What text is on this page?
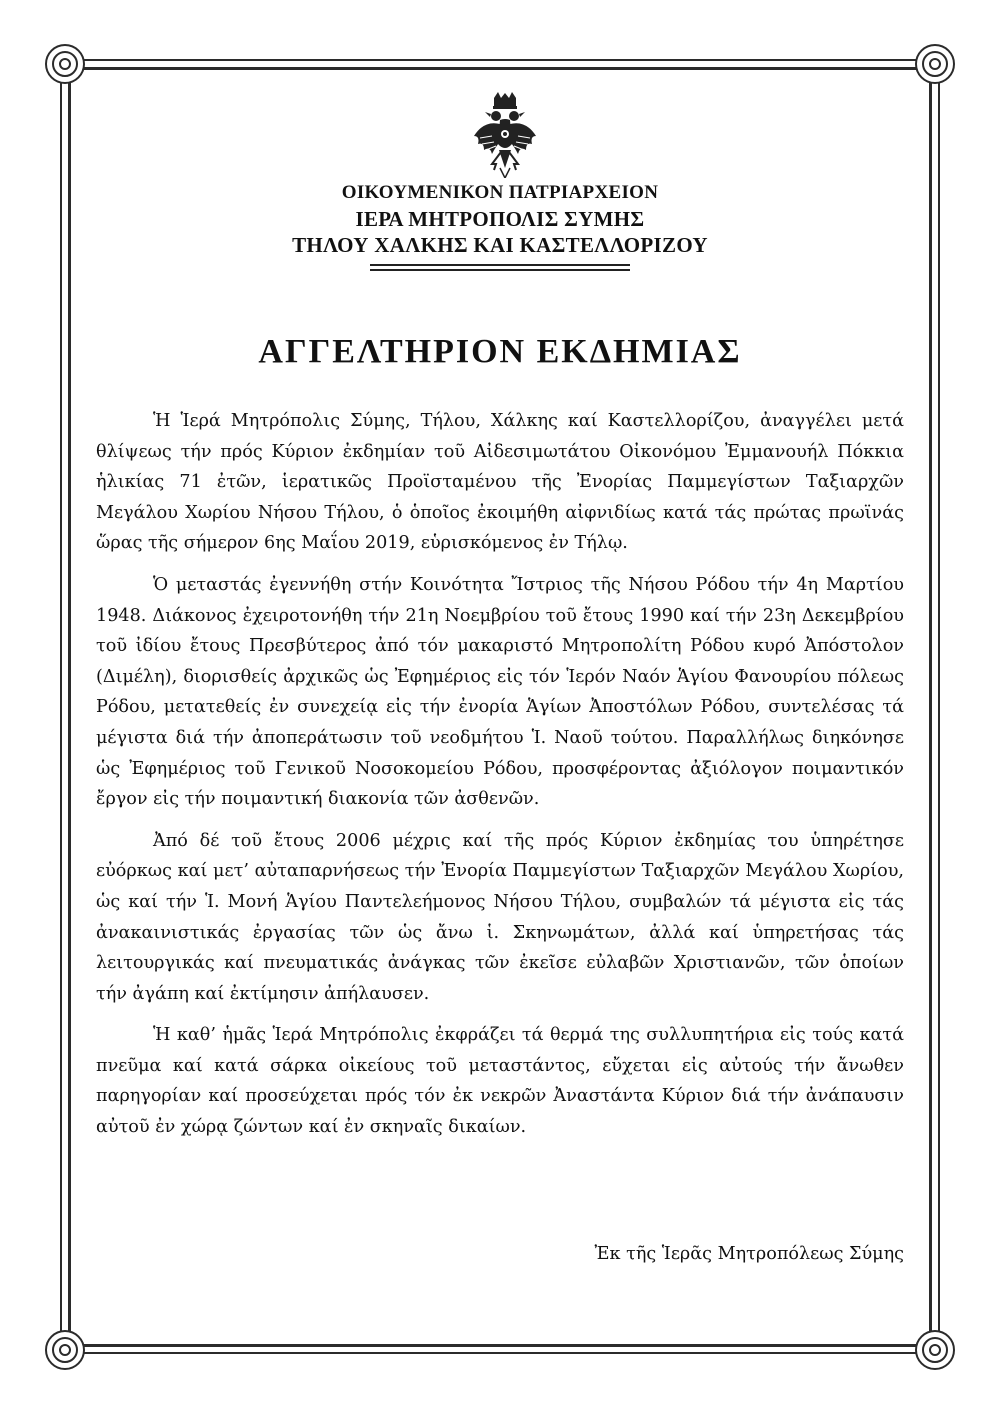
ΟΙΚΟΥΜΕΝΙΚΟΝ ΠΑΤΡΙΑΡΧΕΙΟΝ
ΙΕΡΑ ΜΗΤΡΟΠΟΛΙΣ ΣΥΜΗΣ
ΤΗΛΟΥ ΧΑΛΚΗΣ ΚΑΙ ΚΑΣΤΕΛΛΟΡΙΖΟΥ
ΑΓΓΕΛΤΗΡΙΟΝ ΕΚΔΗΜΙΑΣ

Ἡ Ἱερά Μητρόπολις Σύμης, Τήλου, Χάλκης καί Καστελλορίζου, ἀναγγέλει μετά θλίψεως τήν πρός Κύριον ἐκδημίαν τοῦ Αἰδεσιμωτάτου Οἰκονόμου Ἐμμανουήλ Πόκκια ἡλικίας 71 ἐτῶν, ἱερατικῶς Προϊσταμένου τῆς Ἐνορίας Παμμεγίστων Ταξιαρχῶν Μεγάλου Χωρίου Νήσου Τήλου, ὁ ὁποῖος ἐκοιμήθη αἰφνιδίως κατά τάς πρώτας πρωϊνάς ὥρας τῆς σήμερον 6ης Μαΐου 2019, εὑρισκόμενος ἐν Τήλῳ.

Ὁ μεταστάς ἐγεννήθη στήν Κοινότητα Ἴστριος τῆς Νήσου Ρόδου τήν 4η Μαρτίου 1948. Διάκονος ἐχειροτονήθη τήν 21η Νοεμβρίου τοῦ ἔτους 1990 καί τήν 23η Δεκεμβρίου τοῦ ἰδίου ἔτους Πρεσβύτερος ἀπό τόν μακαριστό Μητροπολίτη Ρόδου κυρό Ἀπόστολον (Διμέλη), διορισθείς ἀρχικῶς ὡς Ἐφημέριος εἰς τόν Ἱερόν Ναόν Ἁγίου Φανουρίου πόλεως Ρόδου, μετατεθείς ἐν συνεχείᾳ εἰς τήν ἐνορία Ἁγίων Ἀποστόλων Ρόδου, συντελέσας τά μέγιστα διά τήν ἀποπεράτωσιν τοῦ νεοδμήτου Ἱ. Ναοῦ τούτου. Παραλλήλως διηκόνησε ὡς Ἐφημέριος τοῦ Γενικοῦ Νοσοκομείου Ρόδου, προσφέροντας ἀξιόλογον ποιμαντικόν ἔργον εἰς τήν ποιμαντική διακονία τῶν ἀσθενῶν.

Ἀπό δέ τοῦ ἔτους 2006 μέχρις καί τῆς πρός Κύριον ἐκδημίας του ὑπηρέτησε εὐόρκως καί μετ’ αὐταπαρνήσεως τήν Ἐνορία Παμμεγίστων Ταξιαρχῶν Μεγάλου Χωρίου, ὡς καί τήν Ἱ. Μονή Ἁγίου Παντελεήμονος Νήσου Τήλου, συμβαλών τά μέγιστα εἰς τάς ἀνακαινιστικάς ἐργασίας τῶν ὡς ἄνω ἱ. Σκηνωμάτων, ἀλλά καί ὑπηρετήσας τάς λειτουργικάς καί πνευματικάς ἀνάγκας τῶν ἐκεῖσε εὐλαβῶν Χριστιανῶν, τῶν ὁποίων τήν ἀγάπη καί ἐκτίμησιν ἀπήλαυσεν.

Ἡ καθ’ ἡμᾶς Ἱερά Μητρόπολις ἐκφράζει τά θερμά της συλλυπητήρια εἰς τούς κατά πνεῦμα καί κατά σάρκα οἰκείους τοῦ μεταστάντος, εὔχεται εἰς αὐτούς τήν ἄνωθεν παρηγορίαν καί προσεύχεται πρός τόν ἐκ νεκρῶν Ἀναστάντα Κύριον διά τήν ἀνάπαυσιν αὐτοῦ ἐν χώρᾳ ζώντων καί ἐν σκηναῖς δικαίων.

Ἐκ τῆς Ἱερᾶς Μητροπόλεως Σύμης
